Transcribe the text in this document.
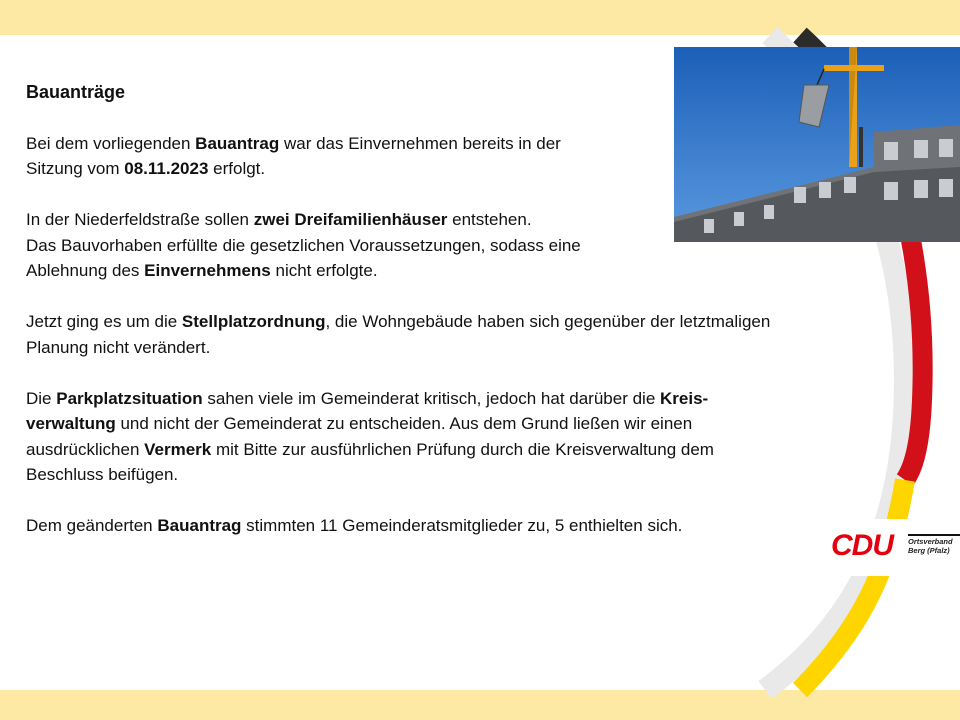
Bauanträge
Bei dem vorliegenden Bauantrag war das Einvernehmen bereits in der
Sitzung vom 08.11.2023 erfolgt.
In der Niederfeldstraße sollen zwei Dreifamilienhäuser entstehen.
Das Bauvorhaben erfüllte die gesetzlichen Voraussetzungen, sodass eine
Ablehnung des Einvernehmens nicht erfolgte.
Jetzt ging es um die Stellplatzordnung, die Wohngebäude haben sich gegenüber der letztmaligen
Planung nicht verändert.
Die Parkplatzsituation sahen viele im Gemeinderat kritisch, jedoch hat darüber die Kreis-
verwaltung und nicht der Gemeinderat zu entscheiden. Aus dem Grund ließen wir einen
ausdrücklichen Vermerk mit Bitte zur ausführlichen Prüfung durch die Kreisverwaltung dem
Beschluss beifügen.
Dem geänderten Bauantrag stimmten 11 Gemeinderatsmitglieder zu, 5 enthielten sich.
CDU Ortsverband
Berg (Pfalz)
